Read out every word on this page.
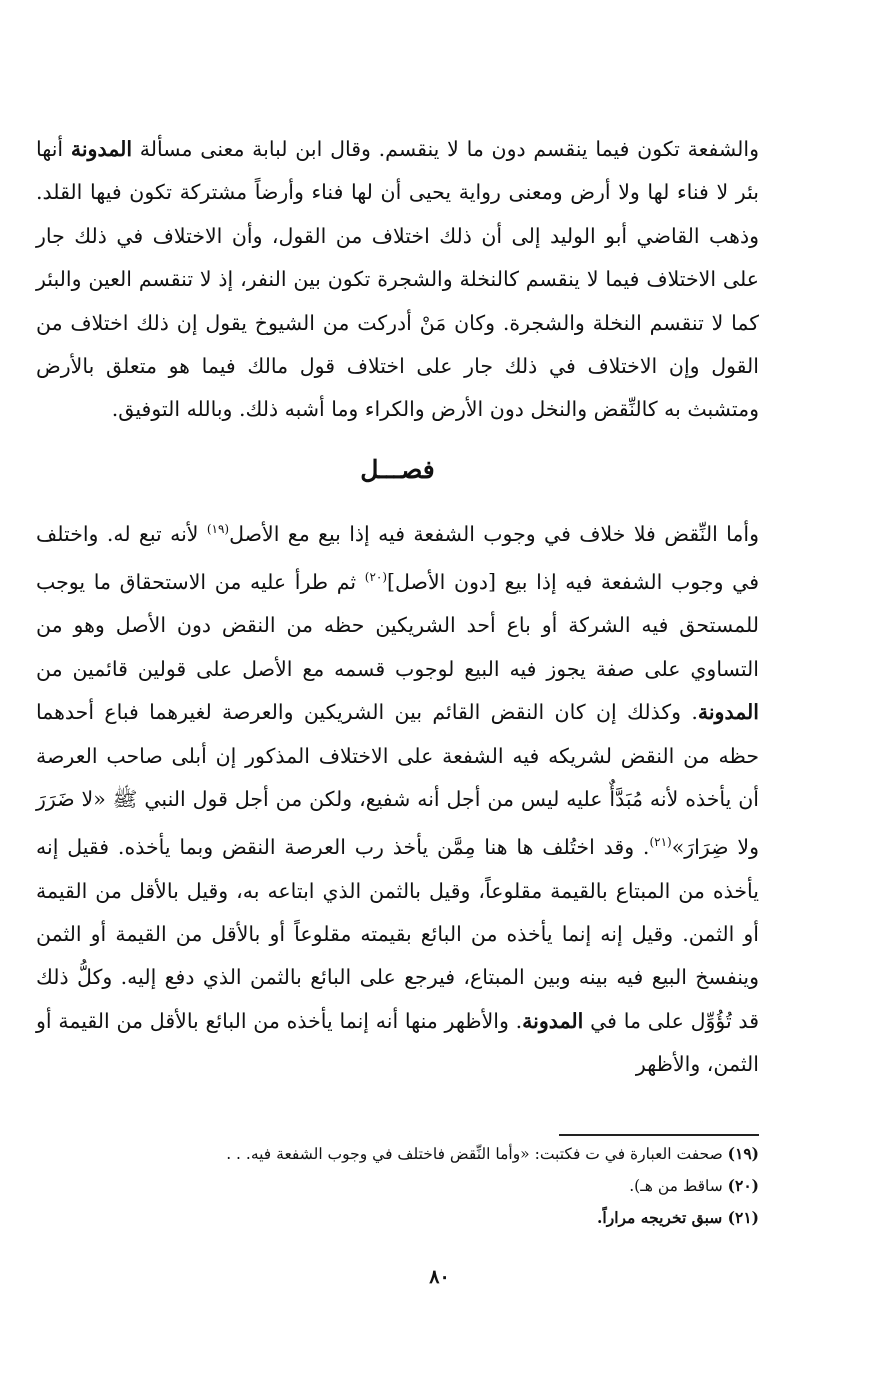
والشفعة تكون فيما ينقسم دون ما لا ينقسم. وقال ابن لبابة معنى مسألة المدونة أنها بئر لا فناء لها ولا أرض ومعنى رواية يحيى أن لها فناء وأرضاً مشتركة تكون فيها القلد. وذهب القاضي أبو الوليد إلى أن ذلك اختلاف من القول، وأن الاختلاف في ذلك جار على الاختلاف فيما لا ينقسم كالنخلة والشجرة تكون بين النفر، إذ لا تنقسم العين والبئر كما لا تنقسم النخلة والشجرة. وكان مَنْ أدركت من الشيوخ يقول إن ذلك اختلاف من القول وإن الاختلاف في ذلك جار على اختلاف قول مالك فيما هو متعلق بالأرض ومتشبث به كالنِّقض والنخل دون الأرض والكراء وما أشبه ذلك. وبالله التوفيق.

فصـــل

وأما النِّقض فلا خلاف في وجوب الشفعة فيه إذا بيع مع الأصل$^{(١٩)}$ لأنه تبع له. واختلف في وجوب الشفعة فيه إذا بيع [دون الأصل]$^{(٢٠)}$ ثم طرأ عليه من الاستحقاق ما يوجب للمستحق فيه الشركة أو باع أحد الشريكين حظه من النقض دون الأصل وهو من التساوي على صفة يجوز فيه البيع لوجوب قسمه مع الأصل على قولين قائمين من المدونة. وكذلك إن كان النقض القائم بين الشريكين والعرصة لغيرهما فباع أحدهما حظه من النقض لشريكه فيه الشفعة على الاختلاف المذكور إن أبلى صاحب العرصة أن يأخذه لأنه مُبَدَّأٌ عليه ليس من أجل أنه شفيع، ولكن من أجل قول النبي ﷺ «لا ضَرَرَ ولا ضِرَارَ»$^{(٢١)}$. وقد اختُلف ها هنا مِمَّن يأخذ رب العرصة النقض وبما يأخذه. فقيل إنه يأخذه من المبتاع بالقيمة مقلوعاً، وقيل بالثمن الذي ابتاعه به، وقيل بالأقل من القيمة أو الثمن. وقيل إنه إنما يأخذه من البائع بقيمته مقلوعاً أو بالأقل من القيمة أو الثمن وينفسخ البيع فيه بينه وبين المبتاع، فيرجع على البائع بالثمن الذي دفع إليه. وكلُّ ذلك قد تُؤُوِّل على ما في المدونة. والأظهر منها أنه إنما يأخذه من البائع بالأقل من القيمة أو الثمن، والأظهر

(١٩) صحفت العبارة في ت فكتبت: «وأما النِّقض فاختلف في وجوب الشفعة فيه. . .

(٢٠) ساقط من هـ).

(٢١) سبق تخريجه مراراً.

٨٠
